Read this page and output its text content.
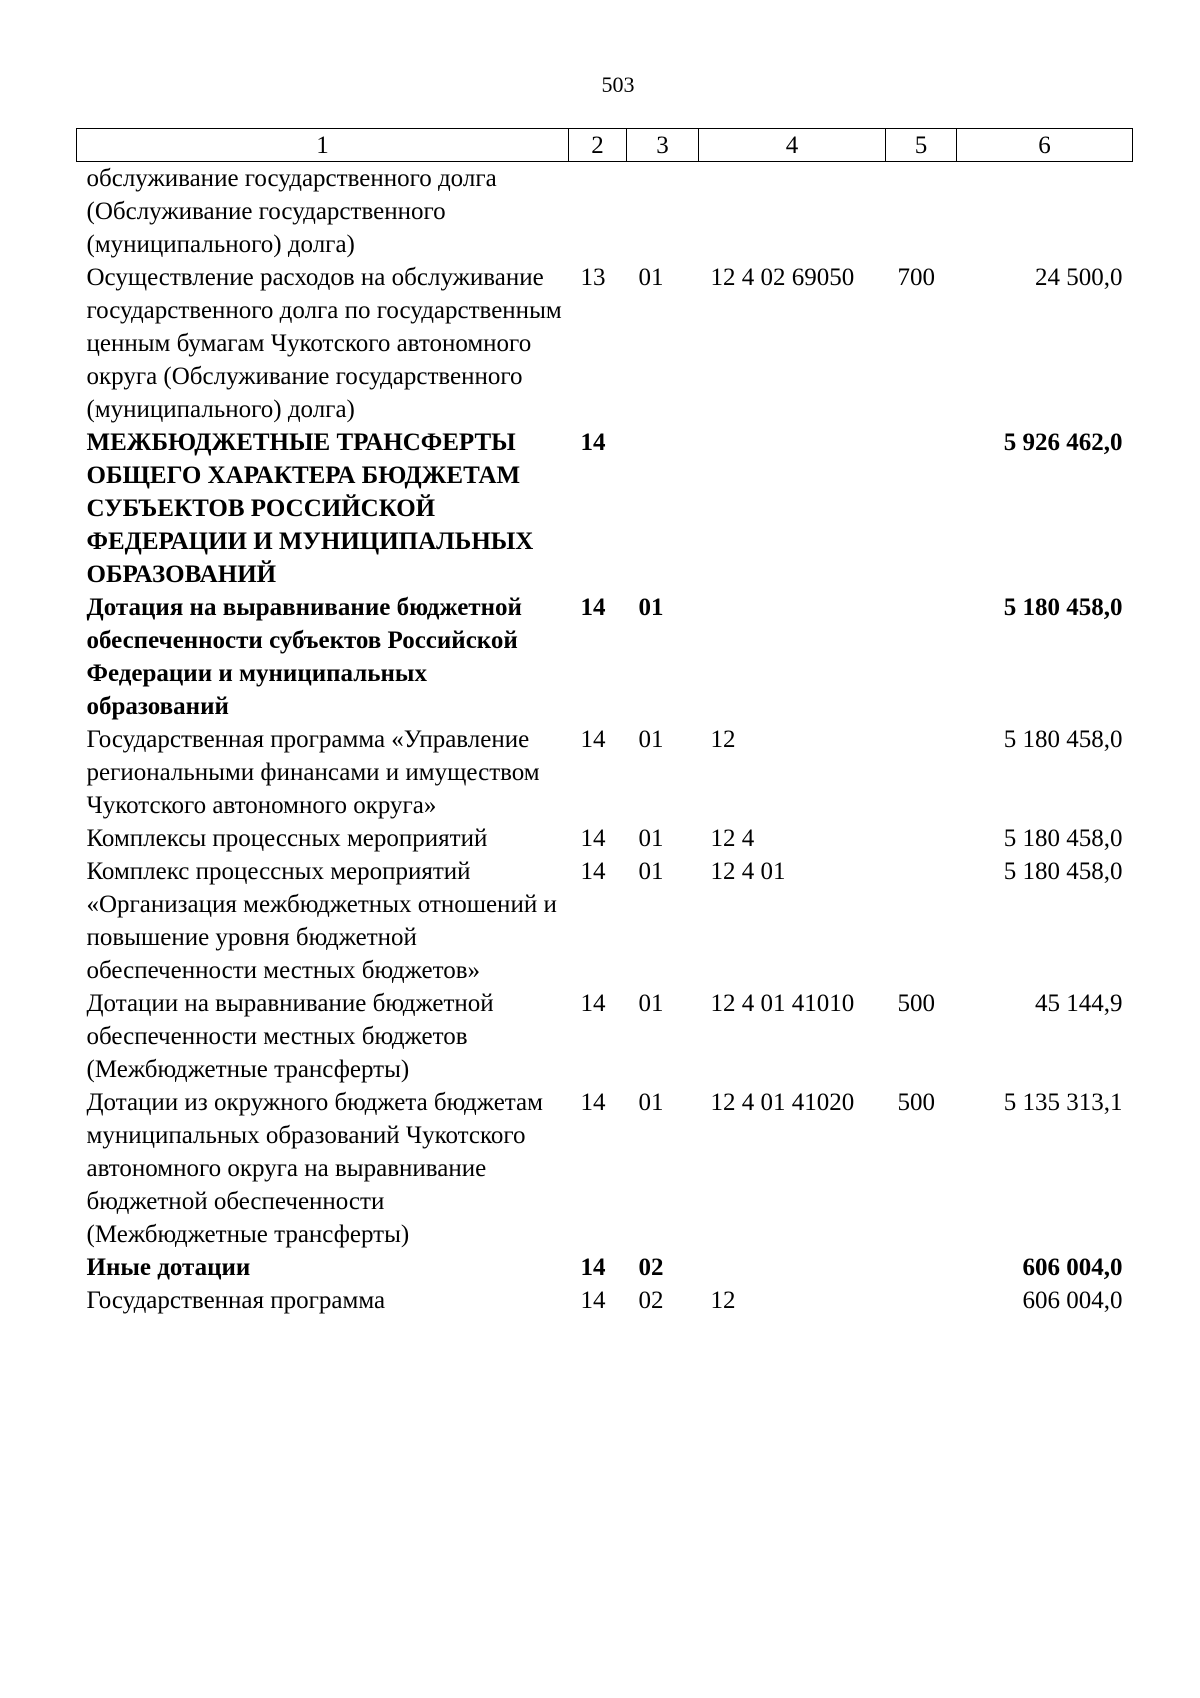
503
1	2	3	4	5	6
обслуживание государственного долга (Обслуживание государственного (муниципального) долга)					
Осуществление расходов на обслуживание государственного долга по государственным ценным бумагам Чукотского автономного округа (Обслуживание государственного (муниципального) долга)	13	01	12 4 02 69050	700	24 500,0
МЕЖБЮДЖЕТНЫЕ ТРАНСФЕРТЫ ОБЩЕГО ХАРАКТЕРА БЮДЖЕТАМ СУБЪЕКТОВ РОССИЙСКОЙ ФЕДЕРАЦИИ И МУНИЦИПАЛЬНЫХ ОБРАЗОВАНИЙ	14				5 926 462,0
Дотация на выравнивание бюджетной обеспеченности субъектов Российской Федерации и муниципальных образований	14	01			5 180 458,0
Государственная программа «Управление региональными финансами и имуществом Чукотского автономного округа»	14	01	12		5 180 458,0
Комплексы процессных мероприятий	14	01	12 4		5 180 458,0
Комплекс процессных мероприятий «Организация межбюджетных отношений и повышение уровня бюджетной обеспеченности местных бюджетов»	14	01	12 4 01		5 180 458,0
Дотации на выравнивание бюджетной обеспеченности местных бюджетов (Межбюджетные трансферты)	14	01	12 4 01 41010	500	45 144,9
Дотации из окружного бюджета бюджетам муниципальных образований Чукотского автономного округа на выравнивание бюджетной обеспеченности (Межбюджетные трансферты)	14	01	12 4 01 41020	500	5 135 313,1
Иные дотации	14	02			606 004,0
Государственная программа	14	02	12		606 004,0
